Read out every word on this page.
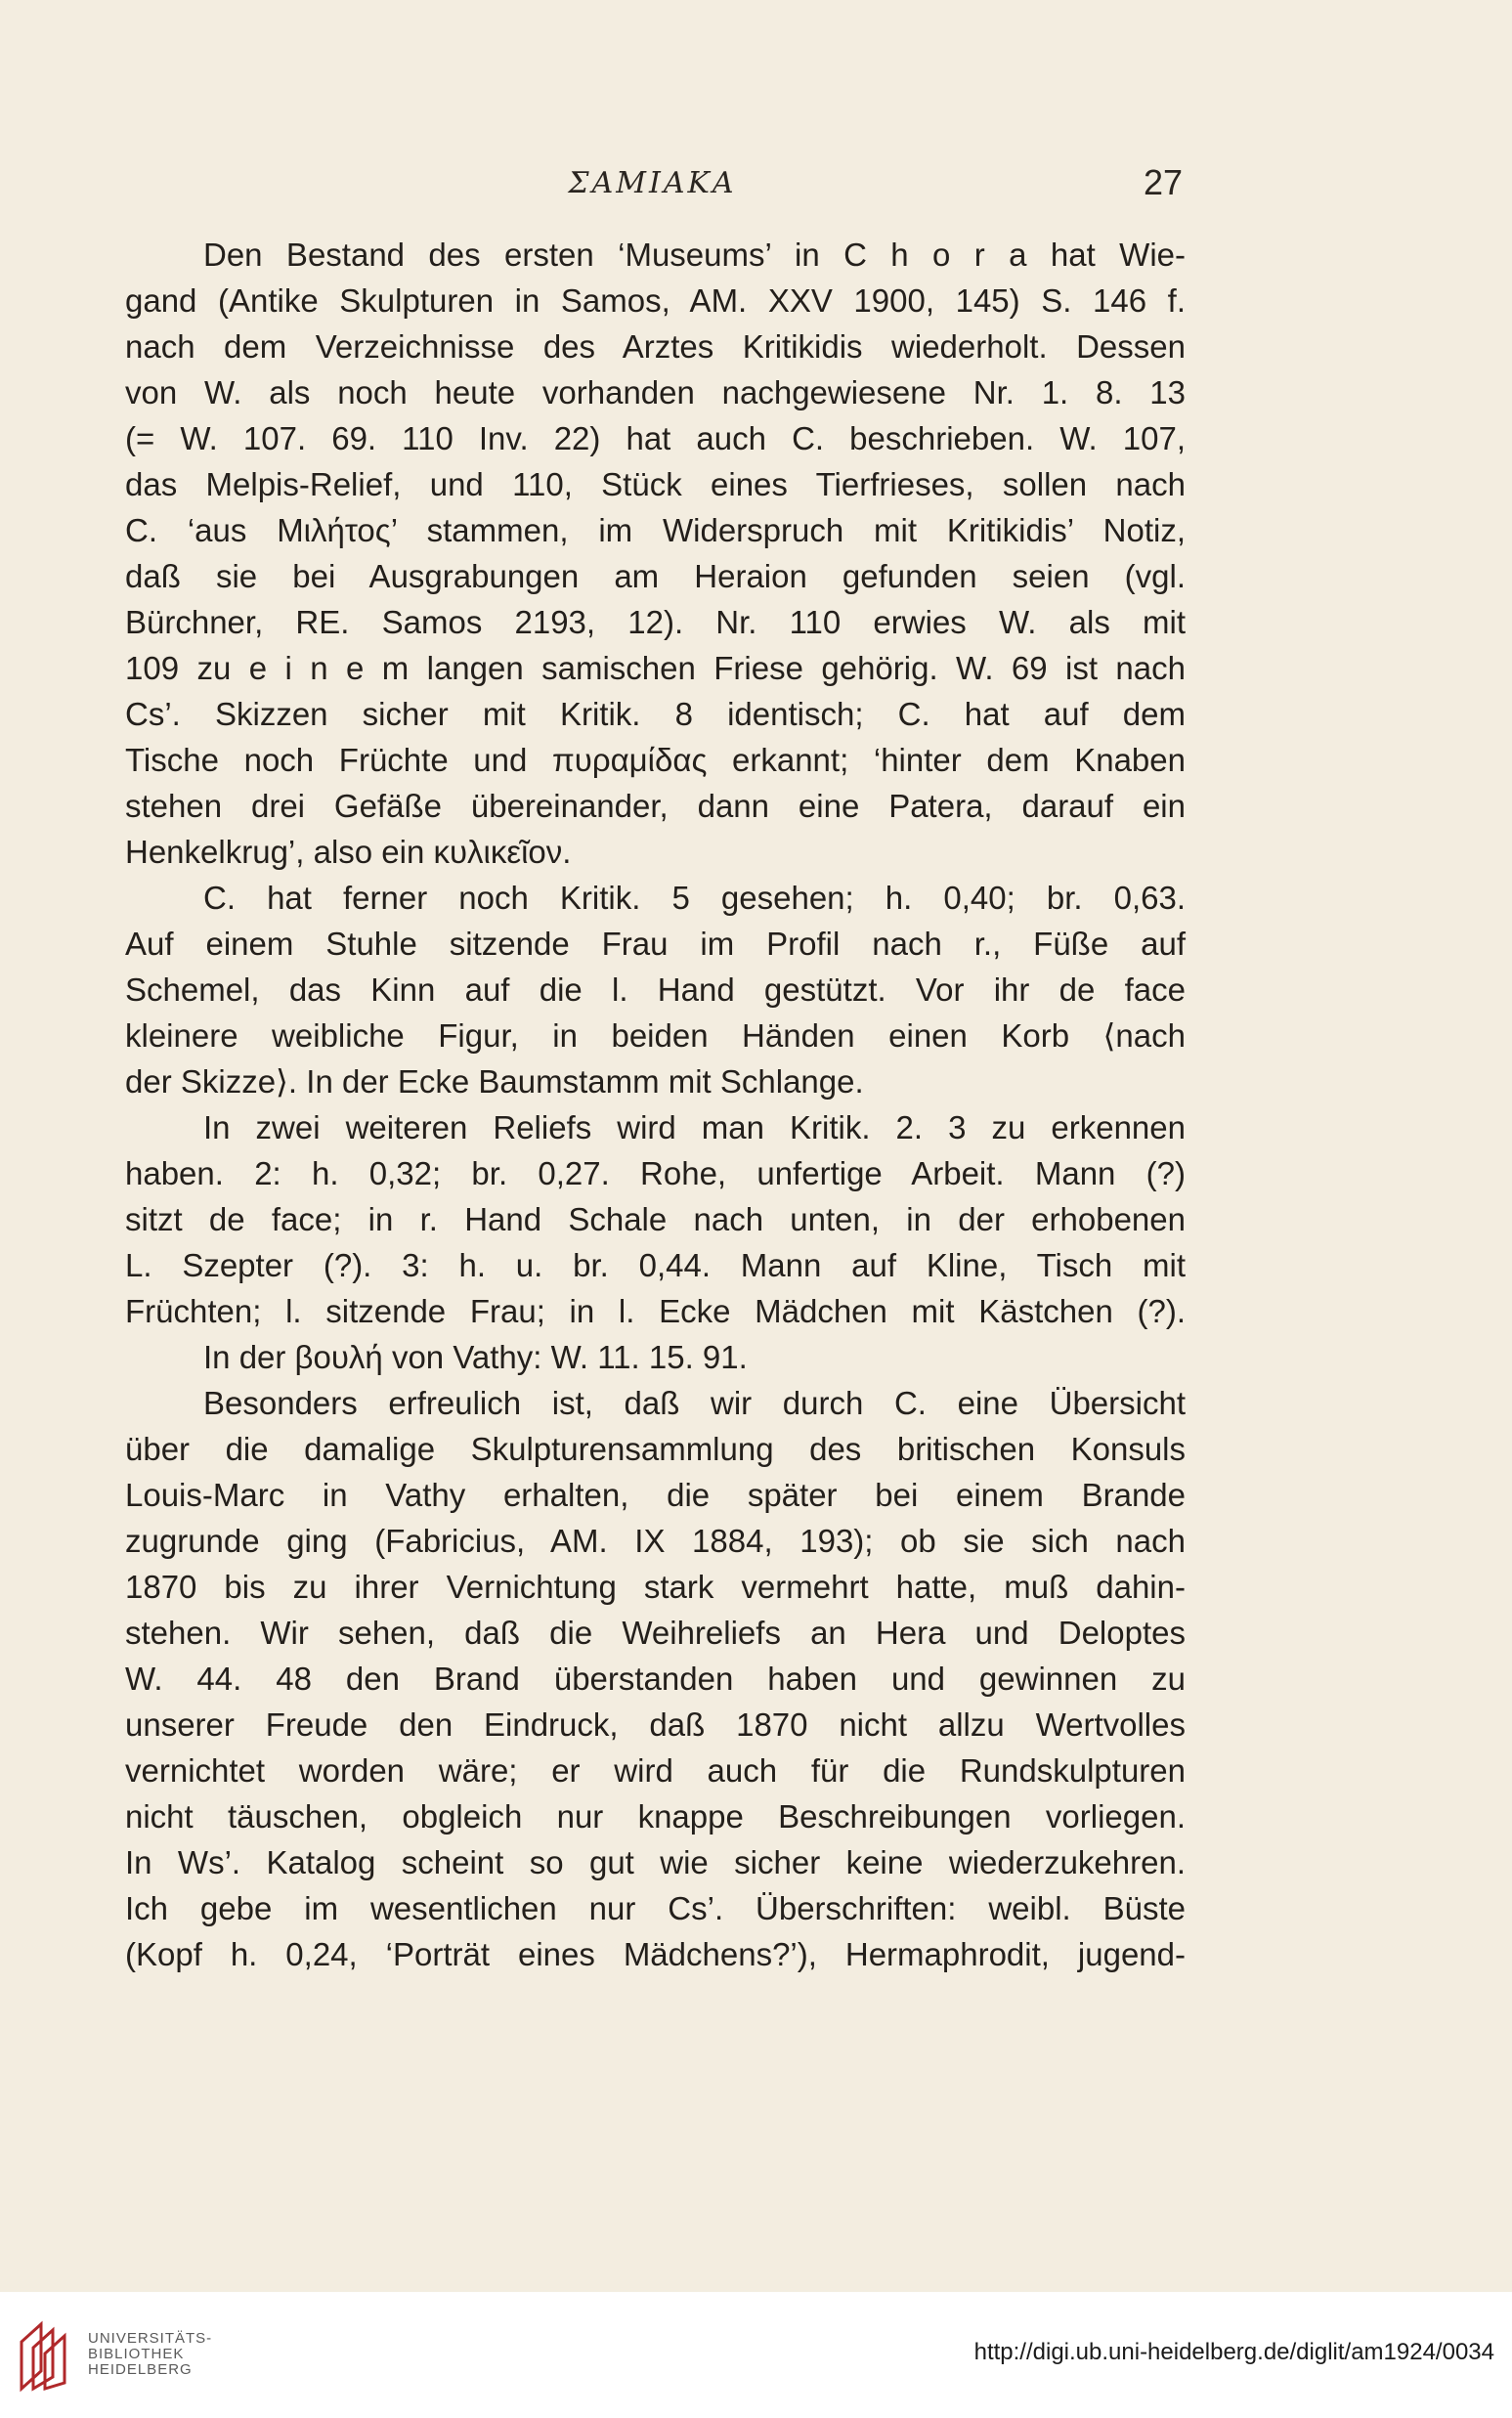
ΣΑΜΙΑΚΑ	27
Den Bestand des ersten ‘Museums’ in C h o r a hat Wie-
gand (Antike Skulpturen in Samos, AM. XXV 1900, 145) S. 146 f.
nach dem Verzeichnisse des Arztes Kritikidis wiederholt. Dessen
von W. als noch heute vorhanden nachgewiesene Nr. 1. 8. 13
(= W. 107. 69. 110 Inv. 22) hat auch C. beschrieben. W. 107,
das Melpis-Relief, und 110, Stück eines Tierfrieses, sollen nach
C. ‘aus Μιλήτος’ stammen, im Widerspruch mit Kritikidis’ Notiz,
daß sie bei Ausgrabungen am Heraion gefunden seien (vgl.
Bürchner, RE. Samos 2193, 12). Nr. 110 erwies W. als mit
109 zu e i n e m langen samischen Friese gehörig. W. 69 ist nach
Cs’. Skizzen sicher mit Kritik. 8 identisch; C. hat auf dem
Tische noch Früchte und πυραμίδας erkannt; ‘hinter dem Knaben
stehen drei Gefäße übereinander, dann eine Patera, darauf ein
Henkelkrug’, also ein κυλικεῖον.
C. hat ferner noch Kritik. 5 gesehen; h. 0,40; br. 0,63.
Auf einem Stuhle sitzende Frau im Profil nach r., Füße auf
Schemel, das Kinn auf die l. Hand gestützt. Vor ihr de face
kleinere weibliche Figur, in beiden Händen einen Korb ⟨nach
der Skizze⟩. In der Ecke Baumstamm mit Schlange.
In zwei weiteren Reliefs wird man Kritik. 2. 3 zu erkennen
haben. 2: h. 0,32; br. 0,27. Rohe, unfertige Arbeit. Mann (?)
sitzt de face; in r. Hand Schale nach unten, in der erhobenen
L. Szepter (?). 3: h. u. br. 0,44. Mann auf Kline, Tisch mit
Früchten; l. sitzende Frau; in l. Ecke Mädchen mit Kästchen (?).
In der βουλή von Vathy: W. 11. 15. 91.
Besonders erfreulich ist, daß wir durch C. eine Übersicht
über die damalige Skulpturensammlung des britischen Konsuls
Louis-Marc in Vathy erhalten, die später bei einem Brande
zugrunde ging (Fabricius, AM. IX 1884, 193); ob sie sich nach
1870 bis zu ihrer Vernichtung stark vermehrt hatte, muß dahin-
stehen. Wir sehen, daß die Weihreliefs an Hera und Deloptes
W. 44. 48 den Brand überstanden haben und gewinnen zu
unserer Freude den Eindruck, daß 1870 nicht allzu Wertvolles
vernichtet worden wäre; er wird auch für die Rundskulpturen
nicht täuschen, obgleich nur knappe Beschreibungen vorliegen.
In Ws’. Katalog scheint so gut wie sicher keine wiederzukehren.
Ich gebe im wesentlichen nur Cs’. Überschriften: weibl. Büste
(Kopf h. 0,24, ‘Porträt eines Mädchens?’), Hermaphrodit, jugend-
UNIVERSITÄTS-
BIBLIOTHEK
HEIDELBERG
http://digi.ub.uni-heidelberg.de/diglit/am1924/0034
